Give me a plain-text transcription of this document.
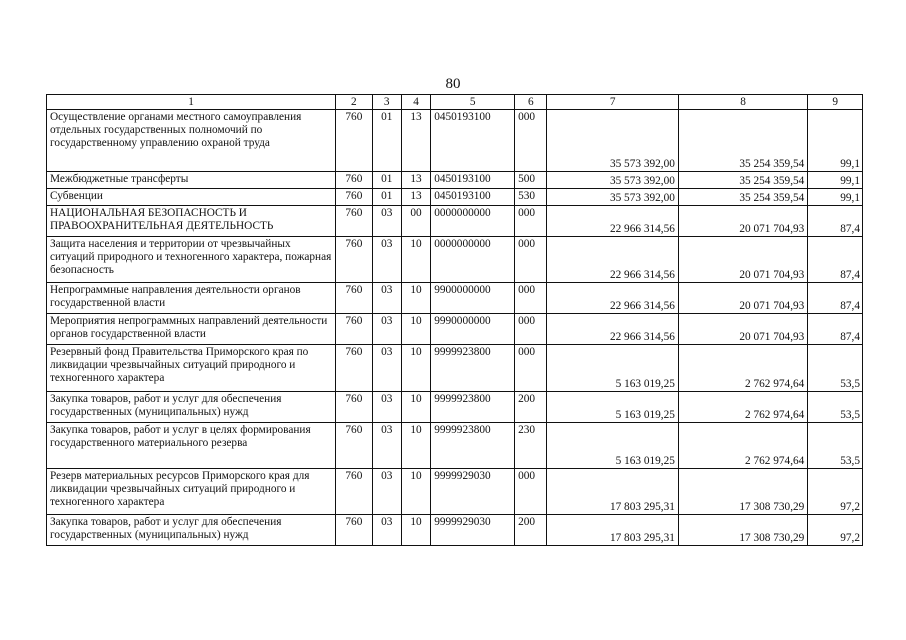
80
1	2	3	4	5	6	7	8	9
Осуществление органами местного самоуправления отдельных государственных полномочий по государственному управлению охраной труда	760	01	13	0450193100	000	35 573 392,00	35 254 359,54	99,1
Межбюджетные трансферты	760	01	13	0450193100	500	35 573 392,00	35 254 359,54	99,1
Субвенции	760	01	13	0450193100	530	35 573 392,00	35 254 359,54	99,1
НАЦИОНАЛЬНАЯ БЕЗОПАСНОСТЬ И ПРАВООХРАНИТЕЛЬНАЯ ДЕЯТЕЛЬНОСТЬ	760	03	00	0000000000	000	22 966 314,56	20 071 704,93	87,4
Защита населения и территории от чрезвычайных ситуаций природного и техногенного характера, пожарная безопасность	760	03	10	0000000000	000	22 966 314,56	20 071 704,93	87,4
Непрограммные направления деятельности органов государственной власти	760	03	10	9900000000	000	22 966 314,56	20 071 704,93	87,4
Мероприятия непрограммных направлений деятельности органов государственной власти	760	03	10	9990000000	000	22 966 314,56	20 071 704,93	87,4
Резервный фонд Правительства Приморского края по ликвидации чрезвычайных ситуаций природного и техногенного характера	760	03	10	9999923800	000	5 163 019,25	2 762 974,64	53,5
Закупка товаров, работ и услуг для обеспечения государственных (муниципальных) нужд	760	03	10	9999923800	200	5 163 019,25	2 762 974,64	53,5
Закупка товаров, работ и услуг в целях формирования государственного материального резерва	760	03	10	9999923800	230	5 163 019,25	2 762 974,64	53,5
Резерв материальных ресурсов Приморского края для ликвидации чрезвычайных ситуаций природного и техногенного характера	760	03	10	9999929030	000	17 803 295,31	17 308 730,29	97,2
Закупка товаров, работ и услуг для обеспечения государственных (муниципальных) нужд	760	03	10	9999929030	200	17 803 295,31	17 308 730,29	97,2
